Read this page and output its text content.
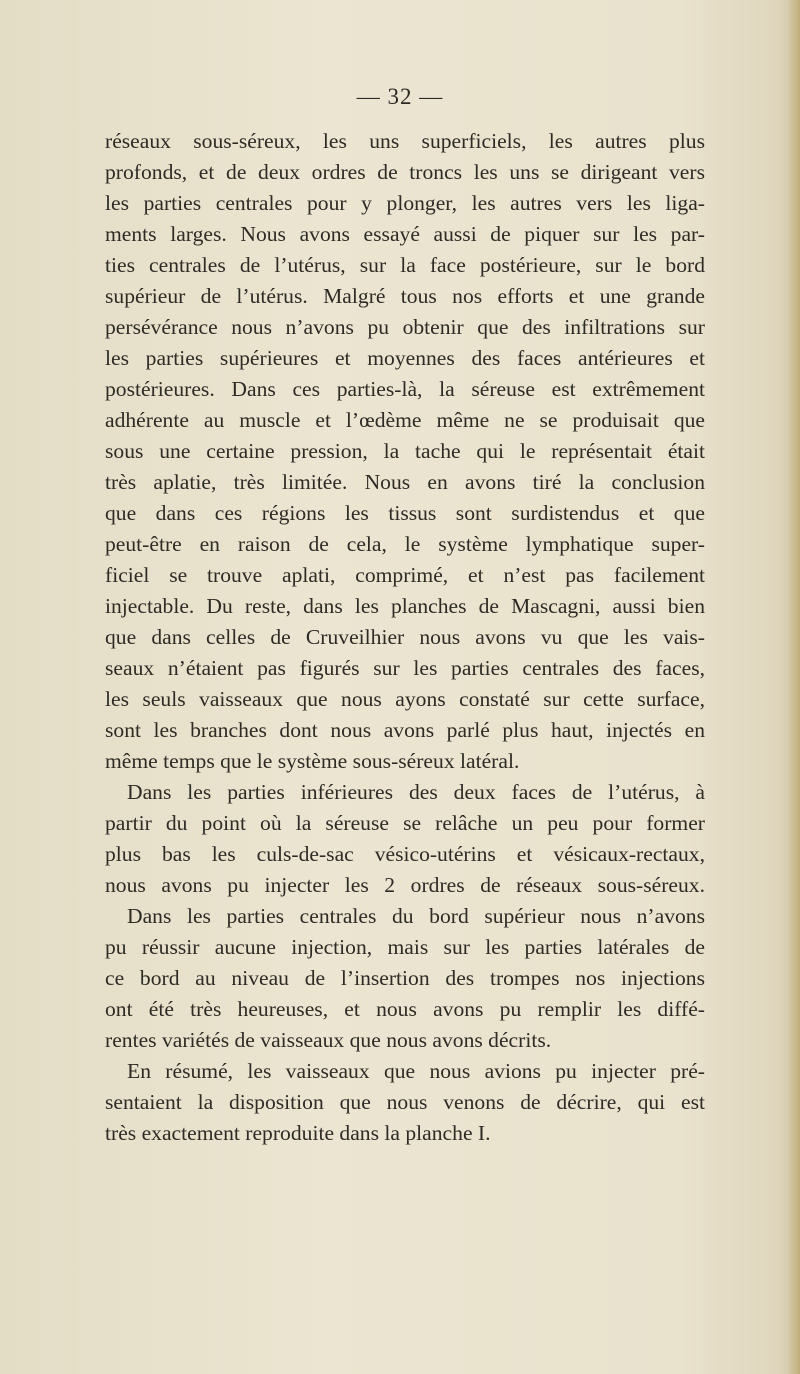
— 32 —
réseaux sous-séreux, les uns superficiels, les autres plus
profonds, et de deux ordres de troncs les uns se dirigeant vers
les parties centrales pour y plonger, les autres vers les liga-
ments larges. Nous avons essayé aussi de piquer sur les par-
ties centrales de l’utérus, sur la face postérieure, sur le bord
supérieur de l’utérus. Malgré tous nos efforts et une grande
persévérance nous n’avons pu obtenir que des infiltrations sur
les parties supérieures et moyennes des faces antérieures et
postérieures. Dans ces parties-là, la séreuse est extrêmement
adhérente au muscle et l’œdème même ne se produisait que
sous une certaine pression, la tache qui le représentait était
très aplatie, très limitée. Nous en avons tiré la conclusion
que dans ces régions les tissus sont surdistendus et que
peut-être en raison de cela, le système lymphatique super-
ficiel se trouve aplati, comprimé, et n’est pas facilement
injectable. Du reste, dans les planches de Mascagni, aussi bien
que dans celles de Cruveilhier nous avons vu que les vais-
seaux n’étaient pas figurés sur les parties centrales des faces,
les seuls vaisseaux que nous ayons constaté sur cette surface,
sont les branches dont nous avons parlé plus haut, injectés en
même temps que le système sous-séreux latéral.
Dans les parties inférieures des deux faces de l’utérus, à
partir du point où la séreuse se relâche un peu pour former
plus bas les culs-de-sac vésico-utérins et vésicaux-rectaux,
nous avons pu injecter les 2 ordres de réseaux sous-séreux.
Dans les parties centrales du bord supérieur nous n’avons
pu réussir aucune injection, mais sur les parties latérales de
ce bord au niveau de l’insertion des trompes nos injections
ont été très heureuses, et nous avons pu remplir les diffé-
rentes variétés de vaisseaux que nous avons décrits.
En résumé, les vaisseaux que nous avions pu injecter pré-
sentaient la disposition que nous venons de décrire, qui est
très exactement reproduite dans la planche I.
